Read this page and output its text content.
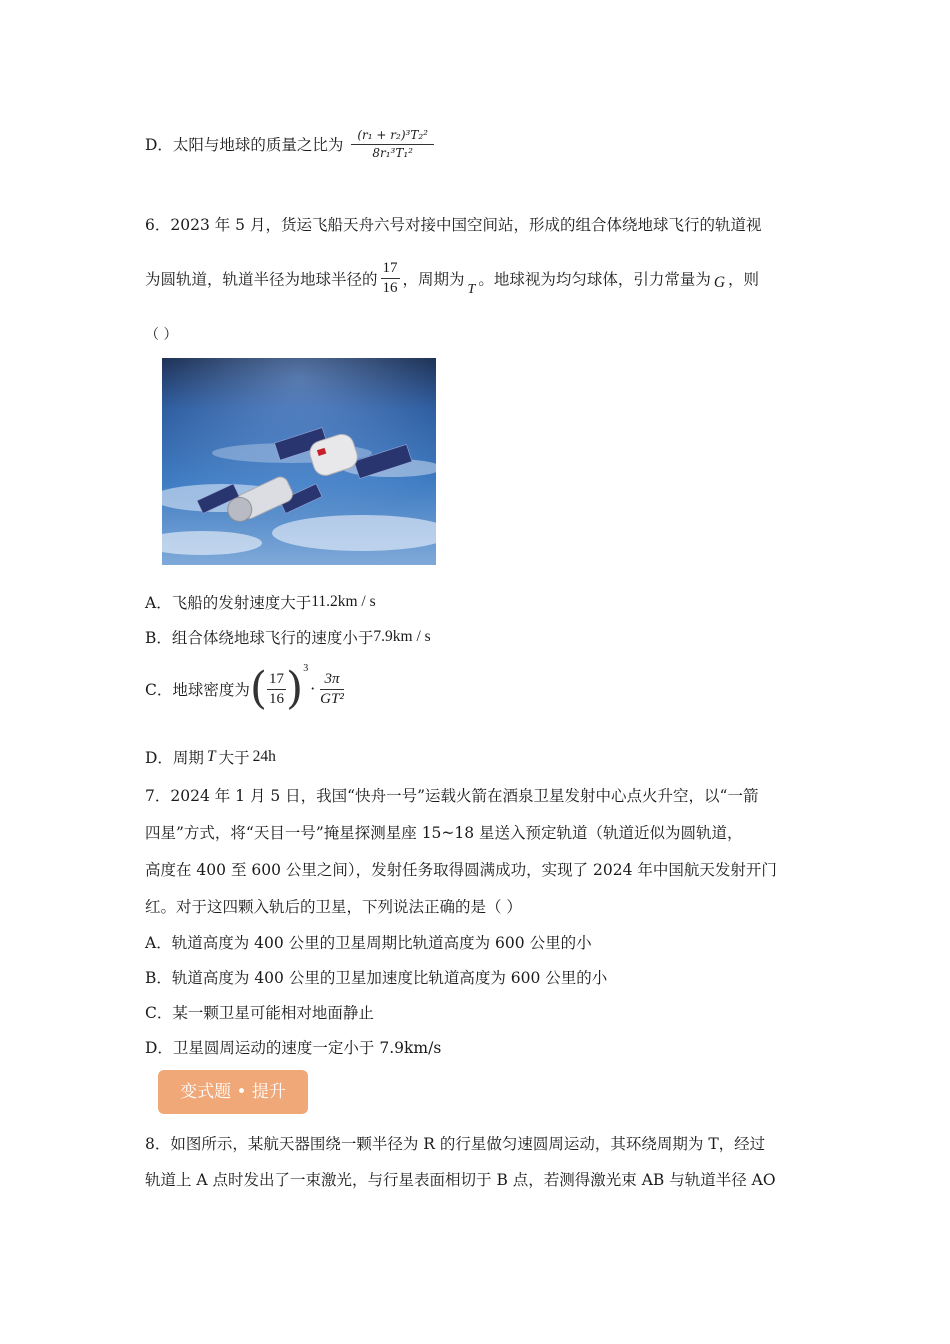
D．太阳与地球的质量之比为 $\frac{\text{(r₁ + r₂)³T₂²}}{\text{8r₁³T₁²}}$
6．2023 年 5 月，货运飞船天舟六号对接中国空间站，形成的组合体绕地球飞行的轨道视
为圆轨道，轨道半径为地球半径的 $\frac{17}{16}$ ，周期为T。地球视为均匀球体，引力常量为 G ，则
（ ）
A．飞船的发射速度大于11.2km / s
B．组合体绕地球飞行的速度小于7.9km / s
C．地球密度为( $\frac{17}{16} )^3\cdot \frac{3\pi}{\text{GT²}}$
D．周期 T 大于 24h
7．2024 年 1 月 5 日，我国“快舟一号”运载火箭在酒泉卫星发射中心点火升空，以“一箭
四星”方式，将“天目一号”掩星探测星座 15~18 星送入预定轨道（轨道近似为圆轨道，
高度在 400 至 600 公里之间），发射任务取得圆满成功，实现了 2024 年中国航天发射开门
红。对于这四颗入轨后的卫星，下列说法正确的是（ ）
A．轨道高度为 400 公里的卫星周期比轨道高度为 600 公里的小
B．轨道高度为 400 公里的卫星加速度比轨道高度为 600 公里的小
C．某一颗卫星可能相对地面静止
D．卫星圆周运动的速度一定小于 7.9km/s
变式题 • 提升
8．如图所示，某航天器围绕一颗半径为 R 的行星做匀速圆周运动，其环绕周期为 T，经过
轨道上 A 点时发出了一束激光，与行星表面相切于 B 点，若测得激光束 AB 与轨道半径 AO
